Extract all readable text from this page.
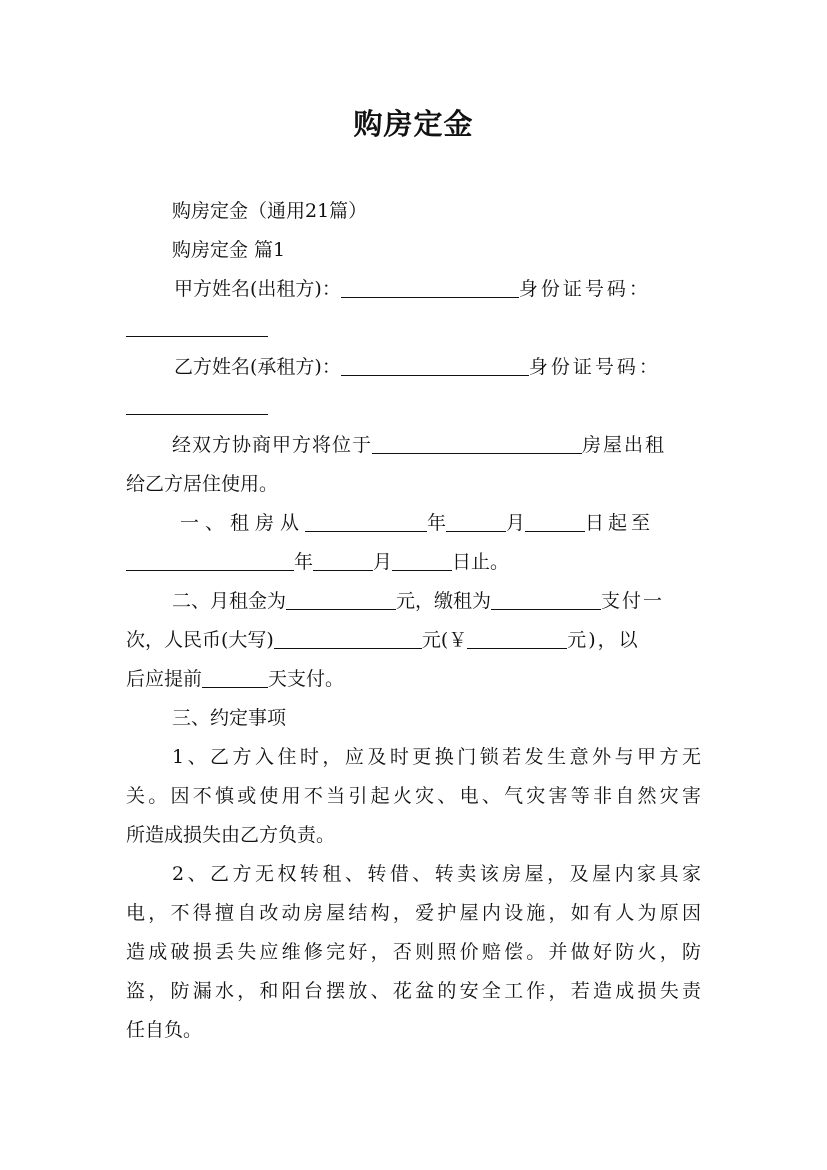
购房定金
购房定金（通用21篇）
购房定金 篇1
甲方姓名(出租方)：	身份证号码：
乙方姓名(承租方)：	身份证号码：
经双方协商甲方将位于	房屋出租
给乙方居住使用。
一、租房从	年	月	日起至
年	月	日止。
二、月租金为	元，缴租为	支付一
次，人民币(大写)	元(￥	元)，以
后应提前	天支付。
三、约定事项
1、乙方入住时，应及时更换门锁若发生意外与甲方无
关。因不慎或使用不当引起火灾、电、气灾害等非自然灾害
所造成损失由乙方负责。
2、乙方无权转租、转借、转卖该房屋，及屋内家具家
电，不得擅自改动房屋结构，爱护屋内设施，如有人为原因
造成破损丢失应维修完好，否则照价赔偿。并做好防火，防
盗，防漏水，和阳台摆放、花盆的安全工作，若造成损失责
任自负。
